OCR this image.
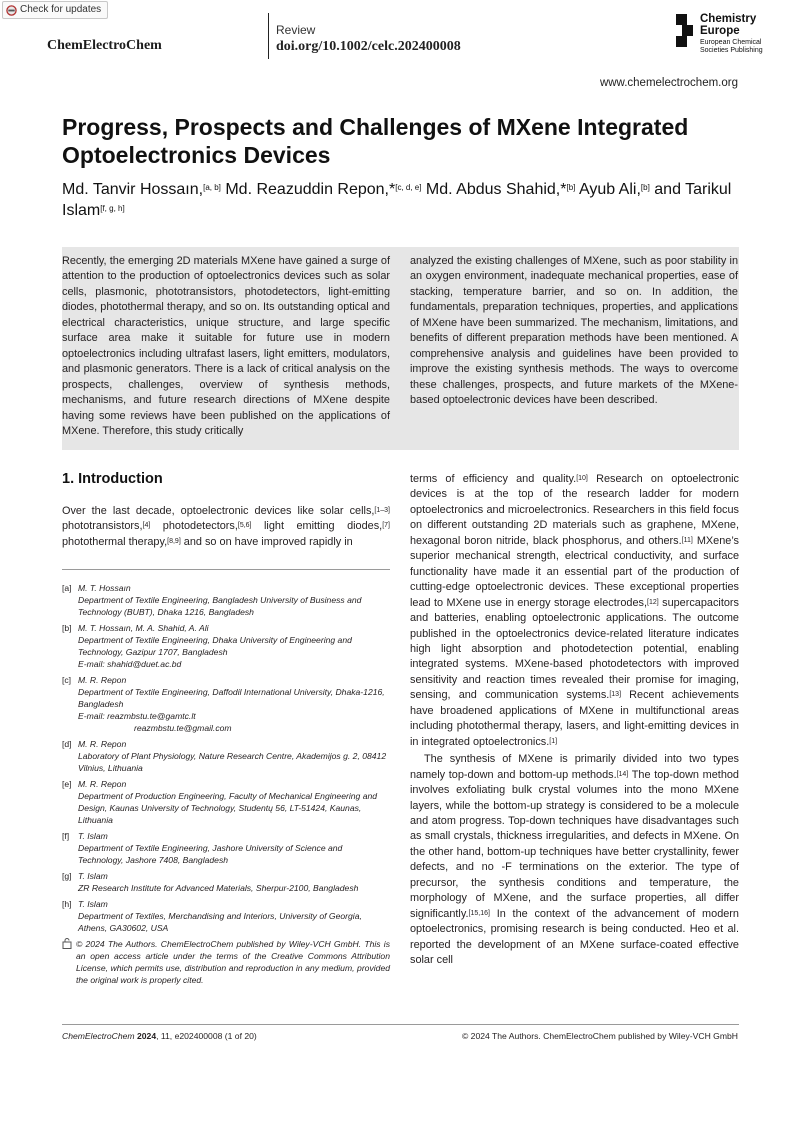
Check for updates
ChemElectroChem
Review
doi.org/10.1002/celc.202400008
Chemistry Europe
European Chemical Societies Publishing
www.chemelectrochem.org
Progress, Prospects and Challenges of MXene Integrated Optoelectronics Devices
Md. Tanvir Hossaın,[a, b] Md. Reazuddin Repon,*[c, d, e] Md. Abdus Shahid,*[b] Ayub Ali,[b] and Tarikul Islam[f, g, h]
Recently, the emerging 2D materials MXene have gained a surge of attention to the production of optoelectronics devices such as solar cells, plasmonic, phototransistors, photodetectors, light-emitting diodes, photothermal therapy, and so on. Its outstanding optical and electrical characteristics, unique structure, and large specific surface area make it suitable for future use in modern optoelectronics including ultrafast lasers, light emitters, modulators, and plasmonic generators. There is a lack of critical analysis on the prospects, challenges, overview of synthesis methods, mechanisms, and future research directions of MXene despite having some reviews have been published on the applications of MXene. Therefore, this study critically
analyzed the existing challenges of MXene, such as poor stability in an oxygen environment, inadequate mechanical properties, ease of stacking, temperature barrier, and so on. In addition, the fundamentals, preparation techniques, properties, and applications of MXene have been summarized. The mechanism, limitations, and benefits of different preparation methods have been mentioned. A comprehensive analysis and guidelines have been provided to improve the existing synthesis methods. The ways to overcome these challenges, prospects, and future markets of the MXene-based optoelectronic devices have been described.
1. Introduction
Over the last decade, optoelectronic devices like solar cells,[1–3] phototransistors,[4] photodetectors,[5,6] light emitting diodes,[7] photothermal therapy,[8,9] and so on have improved rapidly in
[a] M. T. Hossaın
Department of Textile Engineering, Bangladesh University of Business and Technology (BUBT), Dhaka 1216, Bangladesh
[b] M. T. Hossaın, M. A. Shahid, A. Ali
Department of Textile Engineering, Dhaka University of Engineering and Technology, Gazipur 1707, Bangladesh
E-mail: shahid@duet.ac.bd
[c] M. R. Repon
Department of Textile Engineering, Daffodil International University, Dhaka-1216, Bangladesh
E-mail: reazmbstu.te@gamtc.lt
reazmbstu.te@gmail.com
[d] M. R. Repon
Laboratory of Plant Physiology, Nature Research Centre, Akademijos g. 2, 08412 Vilnius, Lithuania
[e] M. R. Repon
Department of Production Engineering, Faculty of Mechanical Engineering and Design, Kaunas University of Technology, Studentų 56, LT-51424, Kaunas, Lithuania
[f]	T. Islam
Department of Textile Engineering, Jashore University of Science and Technology, Jashore 7408, Bangladesh
[g] T. Islam
ZR Research Institute for Advanced Materials, Sherpur-2100, Bangladesh
[h] T. Islam
Department of Textiles, Merchandising and Interiors, University of Georgia, Athens, GA30602, USA
© 2024 The Authors. ChemElectroChem published by Wiley-VCH GmbH. This is an open access article under the terms of the Creative Commons Attribution License, which permits use, distribution and reproduction in any medium, provided the original work is properly cited.

terms of efficiency and quality.[10] Research on optoelectronic devices is at the top of the research ladder for modern optoelectronics and microelectronics. Researchers in this field focus on different outstanding 2D materials such as graphene, MXene, hexagonal boron nitride, black phosphorus, and others.[11] MXene’s superior mechanical strength, electrical conductivity, and surface functionality have made it an essential part of the production of cutting-edge optoelectronic devices. These exceptional properties lead to MXene use in energy storage electrodes,[12] supercapacitors and batteries, enabling optoelectronic applications. The outcome published in the optoelectronics device-related literature indicates high light absorption and photodetection potential, enabling integrated systems. MXene-based photodetectors with improved sensitivity and reaction times revealed their promise for imaging, sensing, and communication systems.[13] Recent achievements have broadened applications of MXene in multifunctional areas including photothermal therapy, lasers, and light-emitting devices in in integrated optoelectronics.[1]

The synthesis of MXene is primarily divided into two types namely top-down and bottom-up methods.[14] The top-down method involves exfoliating bulk crystal volumes into the mono MXene layers, while the bottom-up strategy is considered to be a molecule and atom progress. Top-down techniques have disadvantages such as small crystals, thickness irregularities, and defects in MXene. On the other hand, bottom-up techniques have better crystallinity, fewer defects, and no -F terminations on the exterior. The type of precursor, the synthesis conditions and temperature, the morphology of MXene, and the surface properties, all differ significantly.[15,16] In the context of the advancement of modern optoelectronics, promising research is being conducted. Heo et al. reported the development of an MXene surface-coated effective solar cell

ChemElectroChem 2024, 11, e202400008 (1 of 20)	© 2024 The Authors. ChemElectroChem published by Wiley-VCH GmbH
